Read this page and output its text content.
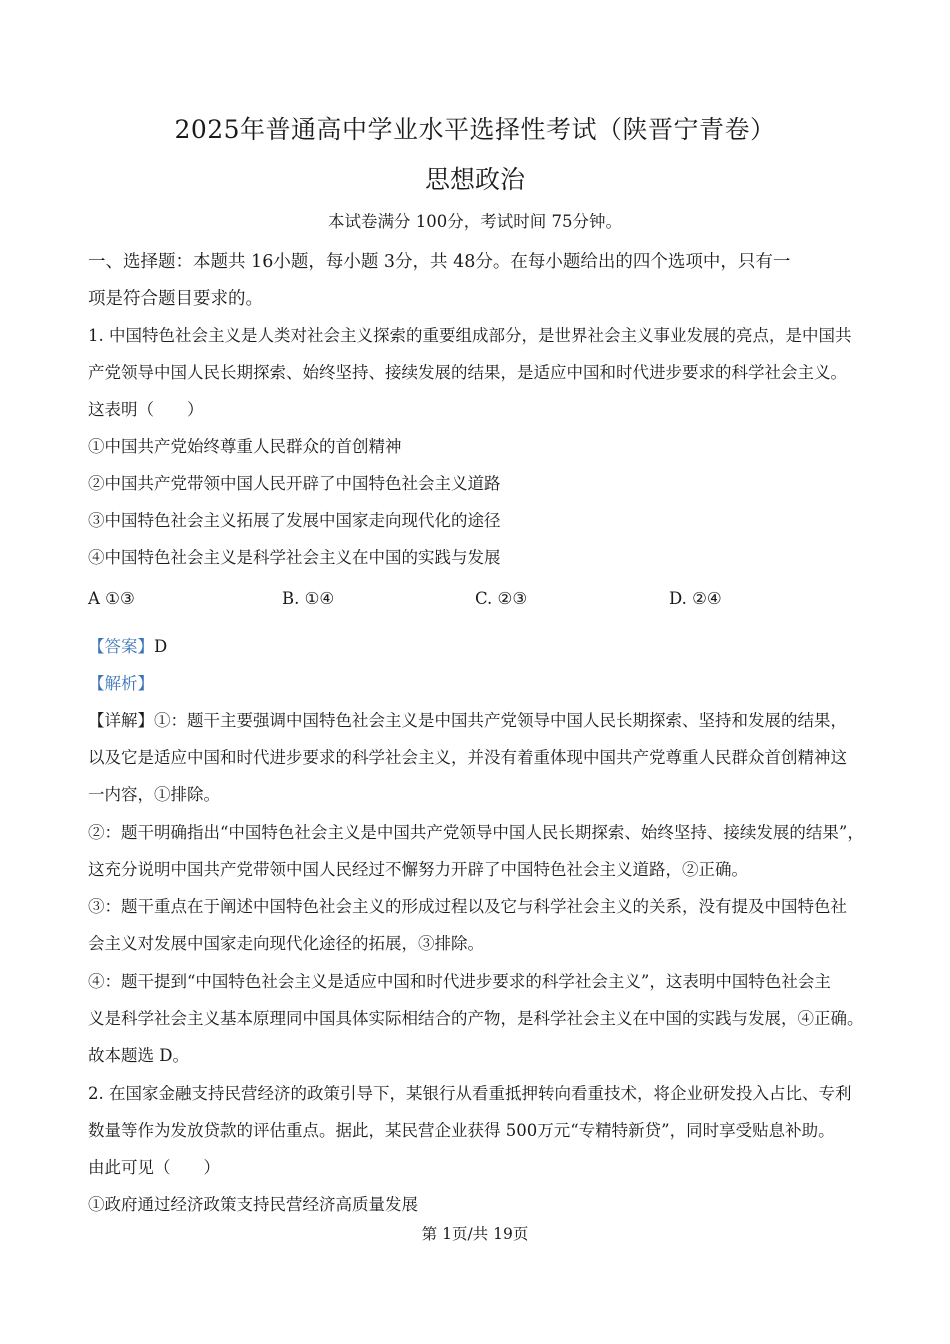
2025年普通高中学业水平选择性考试（陕晋宁青卷）
思想政治
本试卷满分 100分，考试时间 75分钟。
一、选择题：本题共 16小题，每小题 3分，共 48分。在每小题给出的四个选项中，只有一
项是符合题目要求的。
1. 中国特色社会主义是人类对社会主义探索的重要组成部分，是世界社会主义事业发展的亮点，是中国共
产党领导中国人民长期探索、始终坚持、接续发展的结果，是适应中国和时代进步要求的科学社会主义。
这表明（　　）
①中国共产党始终尊重人民群众的首创精神
②中国共产党带领中国人民开辟了中国特色社会主义道路
③中国特色社会主义拓展了发展中国家走向现代化的途径
④中国特色社会主义是科学社会主义在中国的实践与发展
A ①③	B. ①④	C. ②③	D. ②④
【答案】D
【解析】
【详解】①：题干主要强调中国特色社会主义是中国共产党领导中国人民长期探索、坚持和发展的结果，
以及它是适应中国和时代进步要求的科学社会主义，并没有着重体现中国共产党尊重人民群众首创精神这
一内容，①排除。
②：题干明确指出“中国特色社会主义是中国共产党领导中国人民长期探索、始终坚持、接续发展的结果”，
这充分说明中国共产党带领中国人民经过不懈努力开辟了中国特色社会主义道路，②正确。
③：题干重点在于阐述中国特色社会主义的形成过程以及它与科学社会主义的关系，没有提及中国特色社
会主义对发展中国家走向现代化途径的拓展，③排除。
④：题干提到“中国特色社会主义是适应中国和时代进步要求的科学社会主义”，这表明中国特色社会主
义是科学社会主义基本原理同中国具体实际相结合的产物，是科学社会主义在中国的实践与发展，④正确。
故本题选 D。
2. 在国家金融支持民营经济的政策引导下，某银行从看重抵押转向看重技术，将企业研发投入占比、专利
数量等作为发放贷款的评估重点。据此，某民营企业获得 500万元“专精特新贷”，同时享受贴息补助。
由此可见（　　）
①政府通过经济政策支持民营经济高质量发展
第 1页/共 19页
